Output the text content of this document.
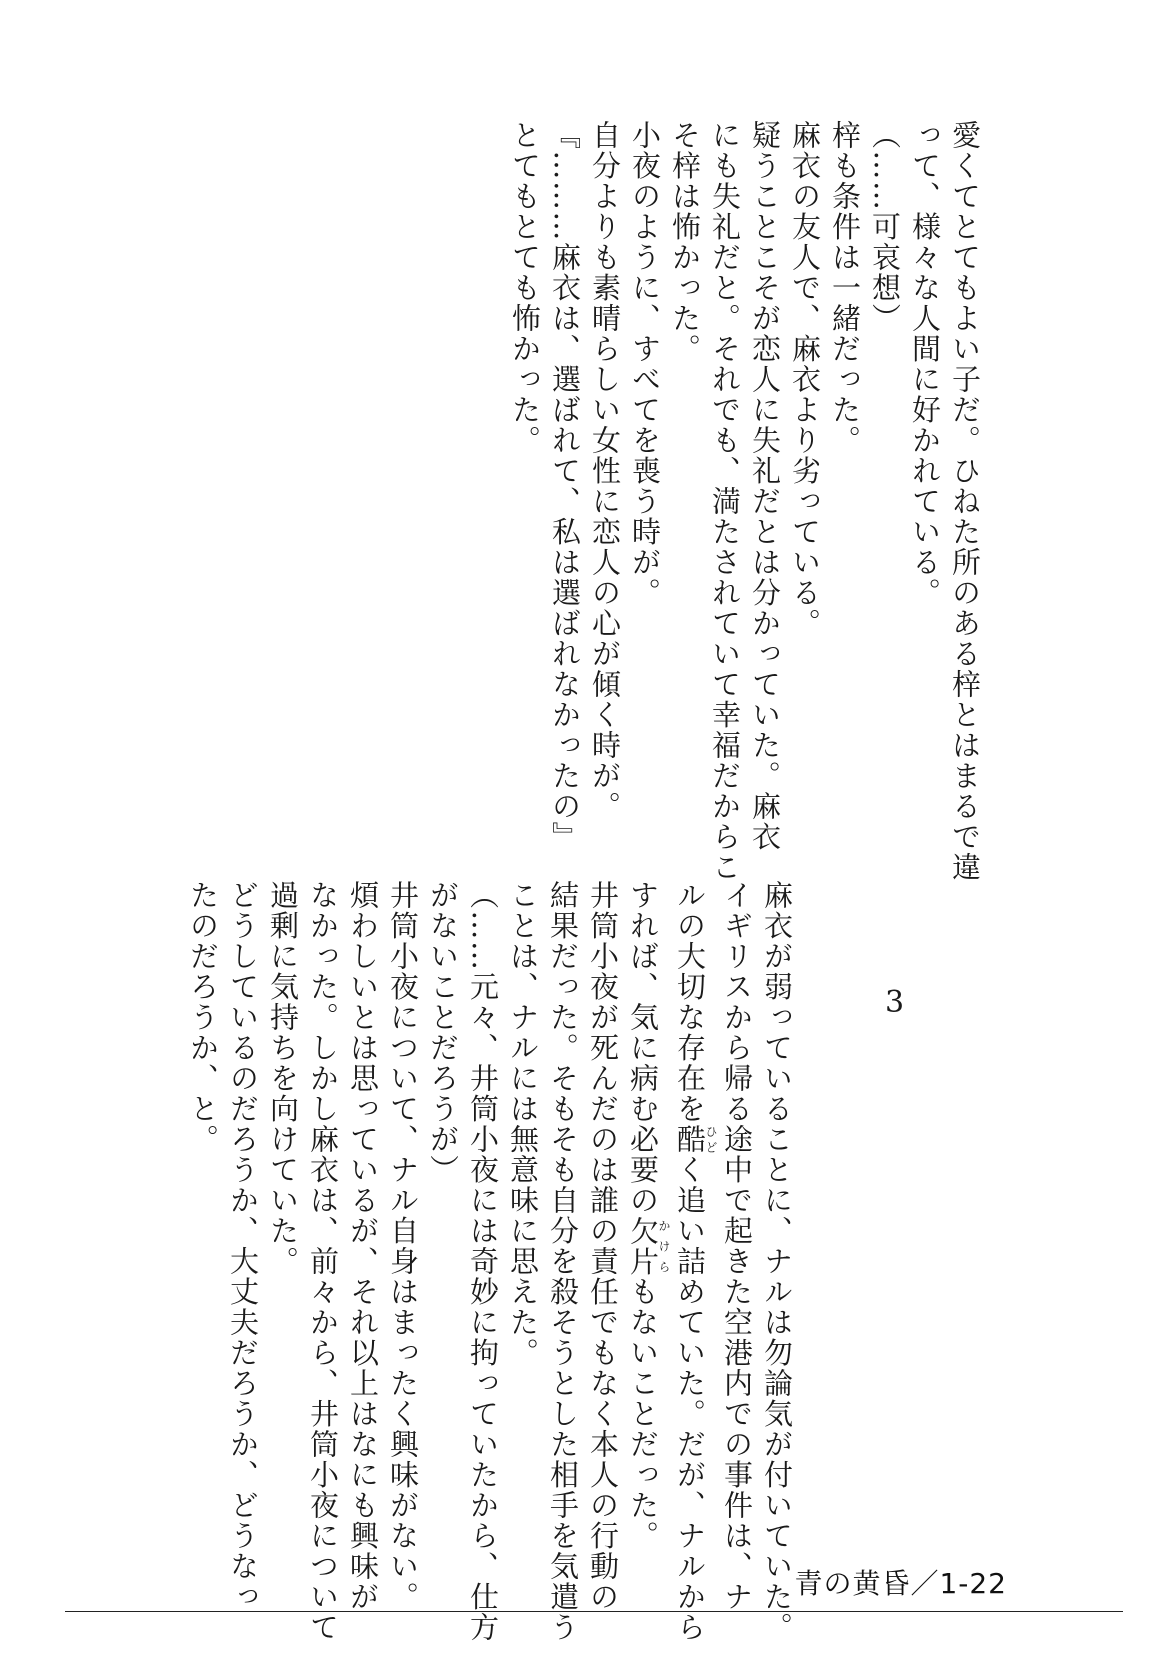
愛くてとてもよい子だ。ひねた所のある梓とはまるで違

って、様々な人間に好かれている。

（……可哀想）

梓も条件は一緒だった。

麻衣の友人で、麻衣より劣っている。

疑うことこそが恋人に失礼だとは分かっていた。麻衣

にも失礼だと。それでも、満たされていて幸福だからこ

そ梓は怖かった。

小夜のように、すべてを喪う時が。

自分よりも素晴らしい女性に恋人の心が傾く時が。

『………麻衣は、選ばれて、私は選ばれなかったの』

とてもとても怖かった。

3

麻衣が弱っていることに、ナルは勿論気が付いていた。

イギリスから帰る途中で起きた空港内での事件は、ナ

ルの大切な存在を酷ひどく追い詰めていた。だが、ナルから

すれば、気に病む必要の欠片かけらもないことだった。

井筒小夜が死んだのは誰の責任でもなく本人の行動の

結果だった。そもそも自分を殺そうとした相手を気遣う

ことは、ナルには無意味に思えた。

（……元々、井筒小夜には奇妙に拘っていたから、仕方

がないことだろうが）

井筒小夜について、ナル自身はまったく興味がない。

煩わしいとは思っているが、それ以上はなにも興味が

なかった。しかし麻衣は、前々から、井筒小夜について

過剰に気持ちを向けていた。

どうしているのだろうか、大丈夫だろうか、どうなっ

たのだろうか、と。

青の黄昏／1-22
